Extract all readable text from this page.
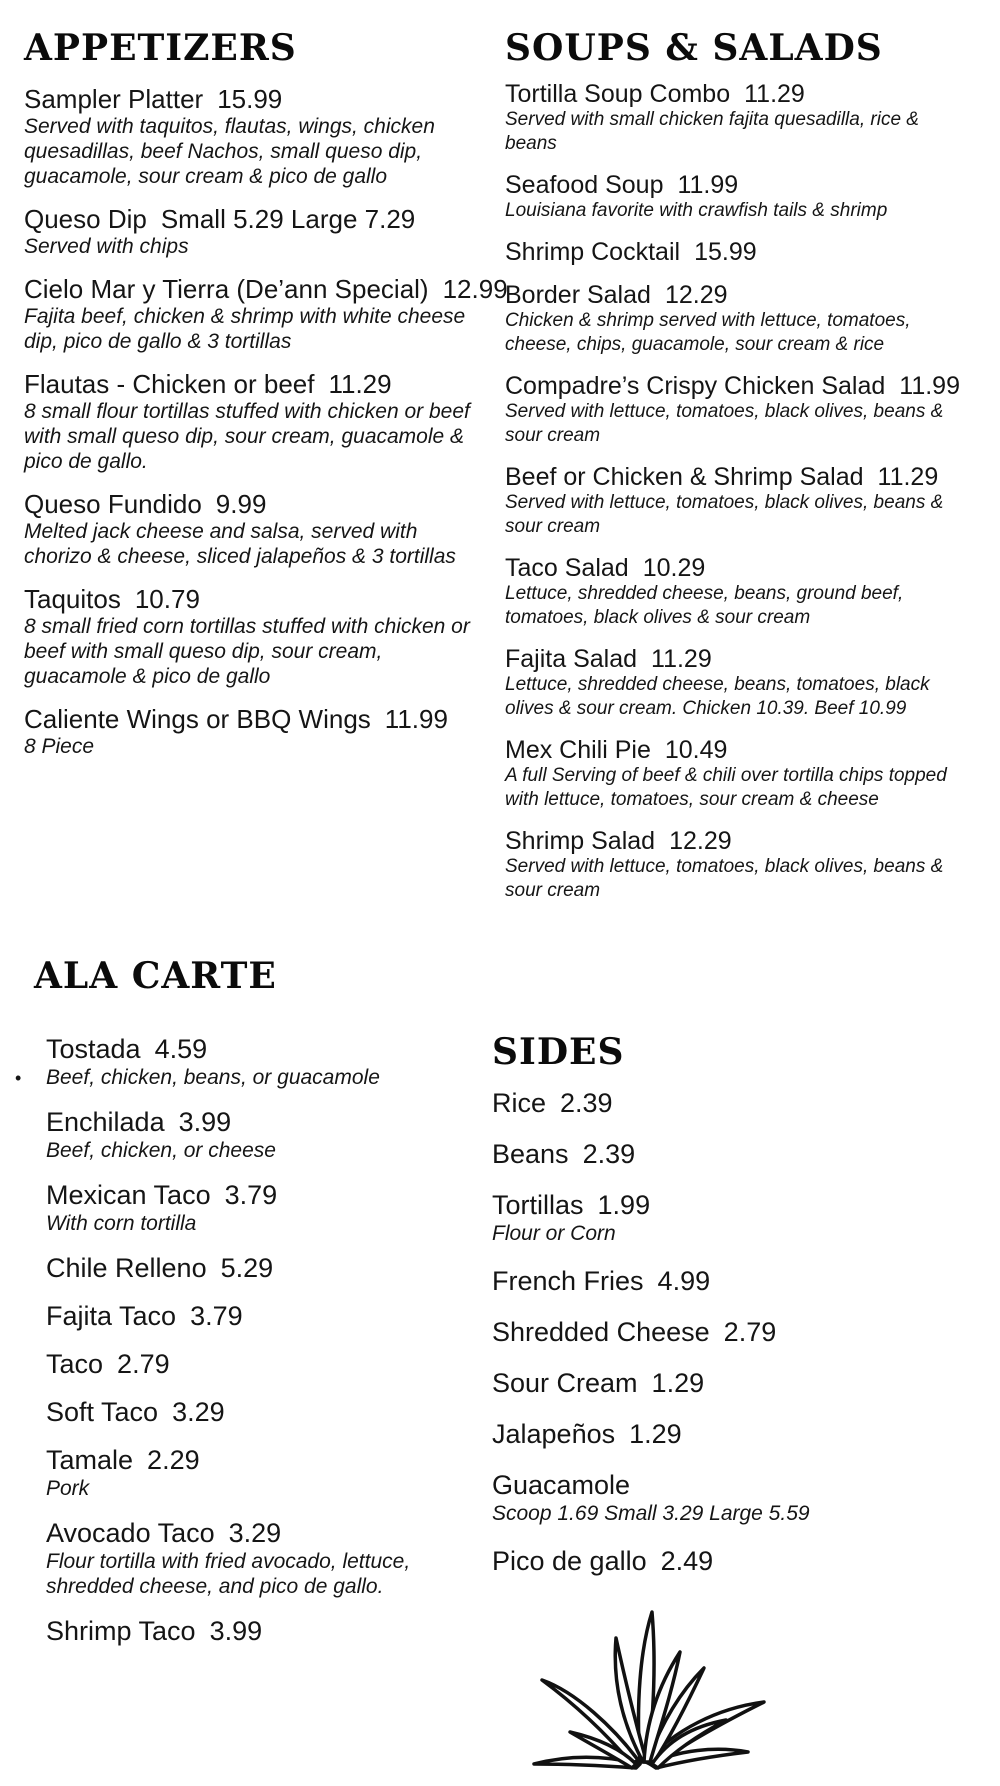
APPETIZERS
Sampler Platter 15.99
Served with taquitos, flautas, wings, chicken quesadillas, beef Nachos, small queso dip, guacamole, sour cream & pico de gallo
Queso Dip Small 5.29 Large 7.29
Served with chips
Cielo Mar y Tierra (De’ann Special) 12.99
Fajita beef, chicken & shrimp with white cheese dip, pico de gallo & 3 tortillas
Flautas - Chicken or beef 11.29
8 small flour tortillas stuffed with chicken or beef with small queso dip, sour cream, guacamole & pico de gallo.
Queso Fundido 9.99
Melted jack cheese and salsa, served with chorizo & cheese, sliced jalapeños & 3 tortillas
Taquitos 10.79
8 small fried corn tortillas stuffed with chicken or beef with small queso dip, sour cream, guacamole & pico de gallo
Caliente Wings or BBQ Wings 11.99
8 Piece
SOUPS & SALADS
Tortilla Soup Combo 11.29
Served with small chicken fajita quesadilla, rice & beans
Seafood Soup 11.99
Louisiana favorite with crawfish tails & shrimp
Shrimp Cocktail 15.99
Border Salad 12.29
Chicken & shrimp served with lettuce, tomatoes, cheese, chips, guacamole, sour cream & rice
Compadre’s Crispy Chicken Salad 11.99
Served with lettuce, tomatoes, black olives, beans & sour cream
Beef or Chicken & Shrimp Salad 11.29
Served with lettuce, tomatoes, black olives, beans & sour cream
Taco Salad 10.29
Lettuce, shredded cheese, beans, ground beef, tomatoes, black olives & sour cream
Fajita Salad 11.29
Lettuce, shredded cheese, beans, tomatoes, black olives & sour cream. Chicken 10.39. Beef 10.99
Mex Chili Pie 10.49
A full Serving of beef & chili over tortilla chips topped with lettuce, tomatoes, sour cream & cheese
Shrimp Salad 12.29
Served with lettuce, tomatoes, black olives, beans & sour cream
ALA CARTE
•
Tostada 4.59
Beef, chicken, beans, or guacamole
Enchilada 3.99
Beef, chicken, or cheese
Mexican Taco 3.79
With corn tortilla
Chile Relleno 5.29
Fajita Taco 3.79
Taco 2.79
Soft Taco 3.29
Tamale 2.29
Pork
Avocado Taco 3.29
Flour tortilla with fried avocado, lettuce, shredded cheese, and pico de gallo.
Shrimp Taco 3.99
SIDES
Rice 2.39
Beans 2.39
Tortillas 1.99
Flour or Corn
French Fries 4.99
Shredded Cheese 2.79
Sour Cream 1.29
Jalapeños 1.29
Guacamole
Scoop 1.69 Small 3.29 Large 5.59
Pico de gallo 2.49
